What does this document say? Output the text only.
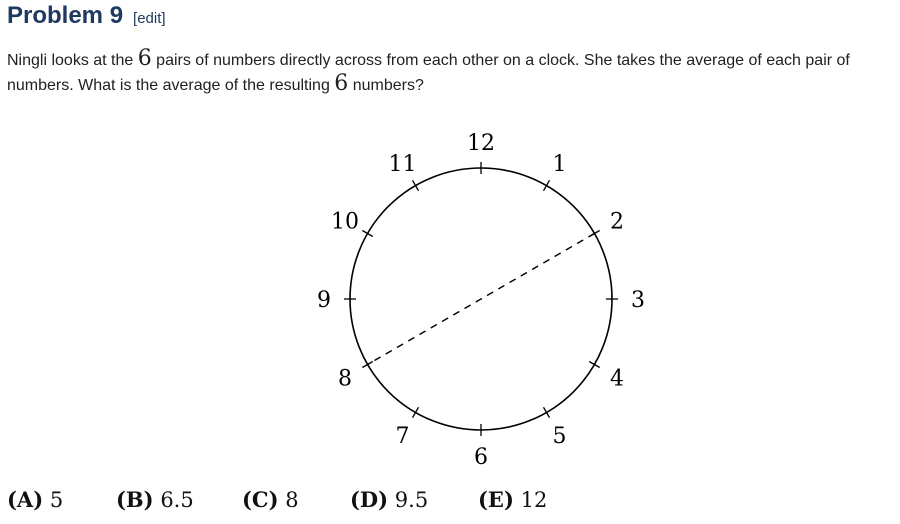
Problem 9 [edit]
Ningli looks at the 6 pairs of numbers directly across from each other on a clock. She takes the average of each pair of numbers. What is the average of the resulting 6 numbers?
12
1
2
3
4
5
6
7
8
9
10
11
(A) 5	(B) 6.5 (C) 8 (D) 9.5 (E) 12
